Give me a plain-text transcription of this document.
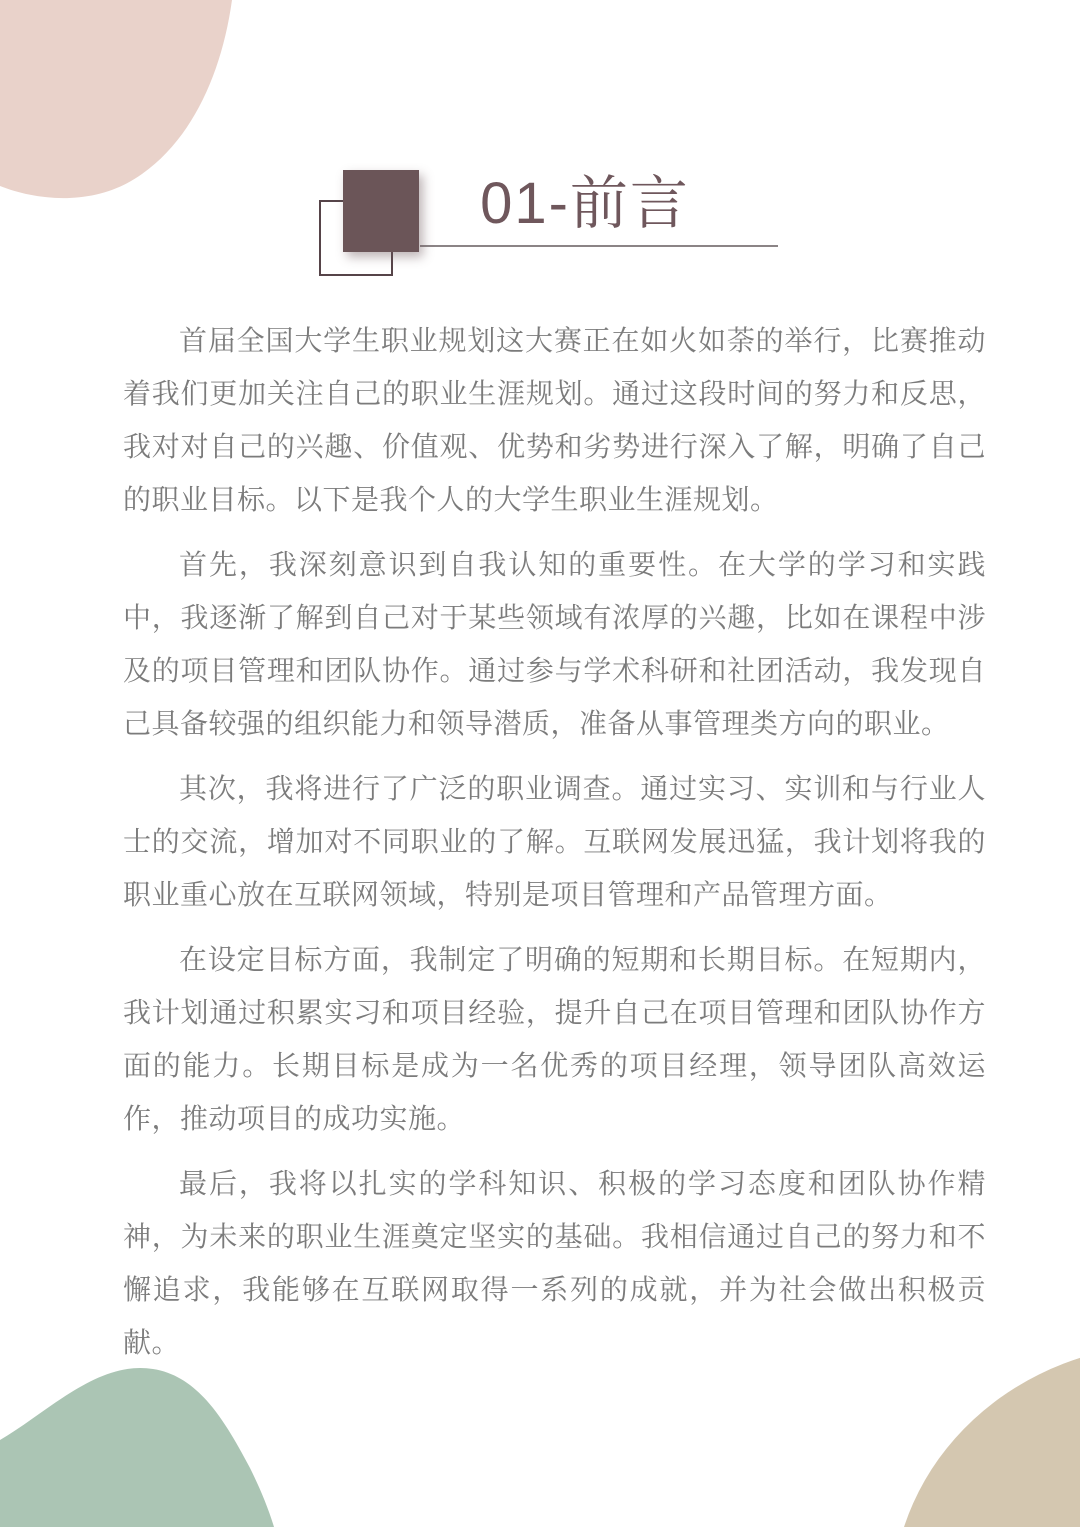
01-前言

首届全国大学生职业规划这大赛正在如火如荼的举行，比赛推动着我们更加关注自己的职业生涯规划。通过这段时间的努力和反思，我对对自己的兴趣、价值观、优势和劣势进行深入了解，明确了自己的职业目标。以下是我个人的大学生职业生涯规划。

首先，我深刻意识到自我认知的重要性。在大学的学习和实践中，我逐渐了解到自己对于某些领域有浓厚的兴趣，比如在课程中涉及的项目管理和团队协作。通过参与学术科研和社团活动，我发现自己具备较强的组织能力和领导潜质，准备从事管理类方向的职业。

其次，我将进行了广泛的职业调查。通过实习、实训和与行业人士的交流，增加对不同职业的了解。互联网发展迅猛，我计划将我的职业重心放在互联网领域，特别是项目管理和产品管理方面。

在设定目标方面，我制定了明确的短期和长期目标。在短期内，我计划通过积累实习和项目经验，提升自己在项目管理和团队协作方面的能力。长期目标是成为一名优秀的项目经理，领导团队高效运作，推动项目的成功实施。

最后，我将以扎实的学科知识、积极的学习态度和团队协作精神，为未来的职业生涯奠定坚实的基础。我相信通过自己的努力和不懈追求，我能够在互联网取得一系列的成就，并为社会做出积极贡献。
